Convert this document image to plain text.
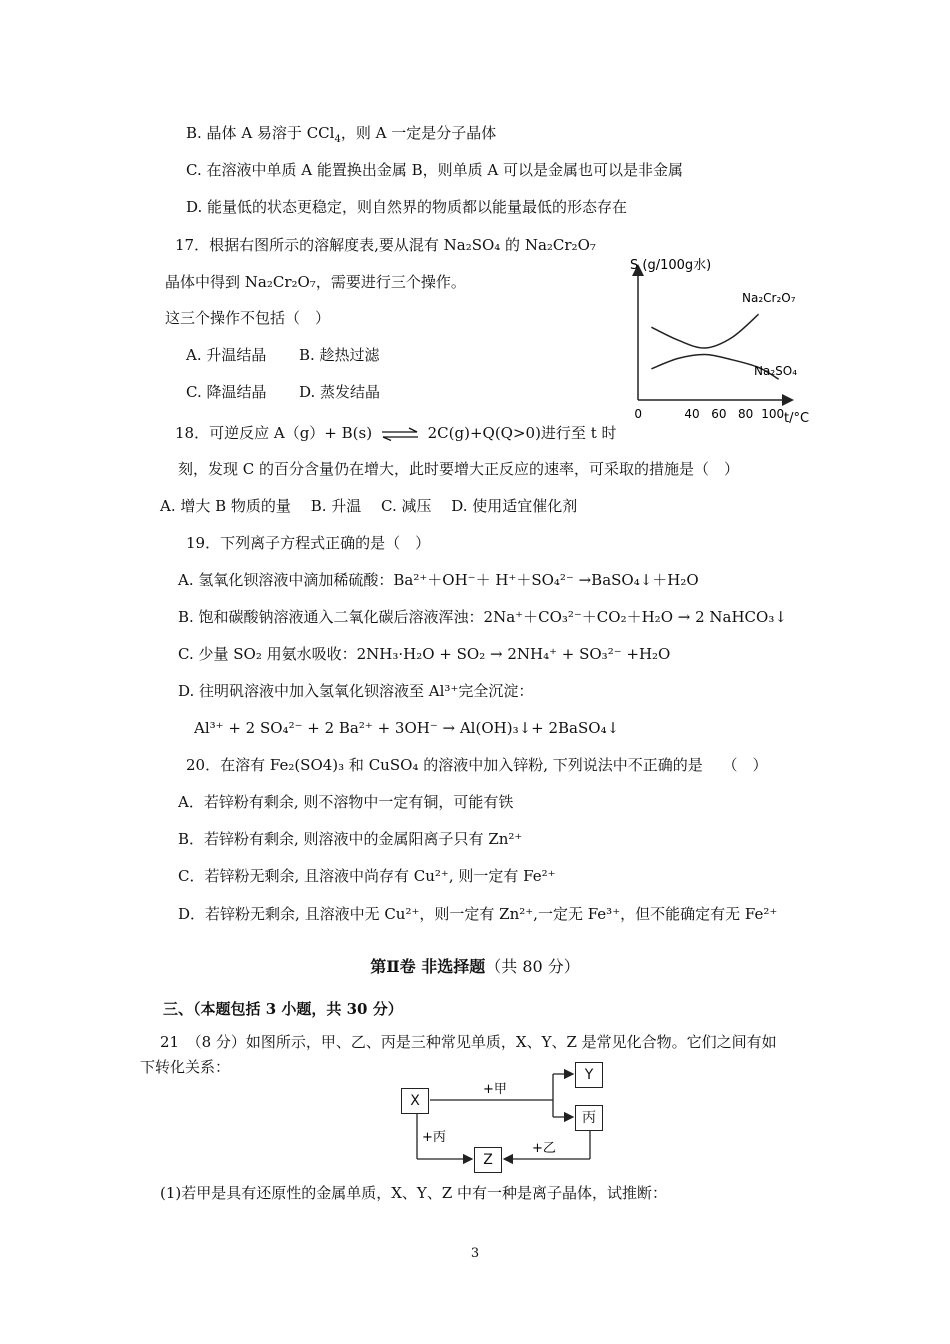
B. 晶体 A 易溶于 CCl$_4$，则 A 一定是分子晶体
C. 在溶液中单质 A 能置换出金属 B，则单质 A 可以是金属也可以是非金属
D. 能量低的状态更稳定，则自然界的物质都以能量最低的形态存在
17．根据右图所示的溶解度表,要从混有 Na₂SO₄ 的 Na₂Cr₂O₇
晶体中得到 Na₂Cr₂O₇，需要进行三个操作。
这三个操作不包括（　）
A. 升温结晶 B. 趁热过滤
C. 降温结晶 D. 蒸发结晶
S (g/100g水)
t/°C
0	40 60 80 100
Na₂Cr₂O₇
Na₂SO₄
18．可逆反应 A（g）+ B(s) ⇌ 2C(g)+Q(Q>0)进行至 t 时
刻，发现 C 的百分含量仍在增大，此时要增大正反应的速率，可采取的措施是（　）
A. 增大 B 物质的量　 B. 升温　 C. 减压　 D. 使用适宜催化剂
19．下列离子方程式正确的是（　）
A. 氢氧化钡溶液中滴加稀硫酸：Ba²⁺＋OH⁻＋ H⁺＋SO₄²⁻ →BaSO₄↓＋H₂O
B. 饱和碳酸钠溶液通入二氧化碳后溶液浑浊：2Na⁺＋CO₃²⁻＋CO₂＋H₂O → 2 NaHCO₃↓
C. 少量 SO₂ 用氨水吸收：2NH₃·H₂O + SO₂ → 2NH₄⁺ + SO₃²⁻ +H₂O
D. 往明矾溶液中加入氢氧化钡溶液至 Al³⁺完全沉淀：
Al³⁺ + 2 SO₄²⁻ + 2 Ba²⁺ + 3OH⁻ → Al(OH)₃↓+ 2BaSO₄↓
20．在溶有 Fe₂(SO4)₃ 和 CuSO₄ 的溶液中加入锌粉, 下列说法中不正确的是　 （　）
A．若锌粉有剩余, 则不溶物中一定有铜，可能有铁
B．若锌粉有剩余, 则溶液中的金属阳离子只有 Zn²⁺
C．若锌粉无剩余, 且溶液中尚存有 Cu²⁺, 则一定有 Fe²⁺
D．若锌粉无剩余, 且溶液中无 Cu²⁺，则一定有 Zn²⁺,一定无 Fe³⁺，但不能确定有无 Fe²⁺
第Ⅱ卷 非选择题（共 80 分）
三、（本题包括 3 小题，共 30 分）
21　（8 分）如图所示，甲、乙、丙是三种常见单质，X、Y、Z 是常见化合物。它们之间有如
下转化关系：
+甲
+丙
+乙
X
Y
丙
Z
(1)若甲是具有还原性的金属单质，X、Y、Z 中有一种是离子晶体，试推断：
3
